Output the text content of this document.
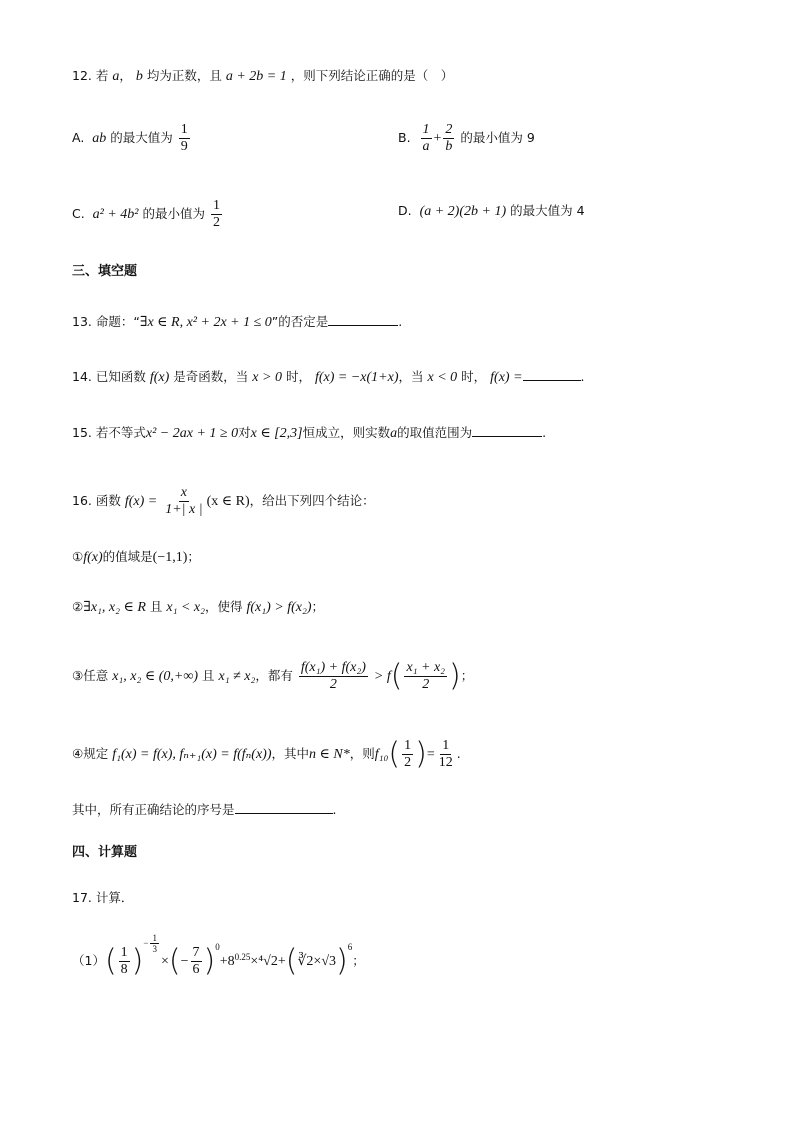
12. 若 a， b 均为正数，且 a + 2b = 1 ，则下列结论正确的是（　）
A. ab 的最大值为 $\frac{1}{9}$	B. $\frac{1}{a} + \frac{2}{b}$ 的最小值为 9
C. a² + 4b² 的最小值为 $\frac{1}{2}$	D. (a + 2)(2b + 1) 的最大值为 4
三、填空题
13. 命题：“∃x ∈ R, x² + 2x + 1 ≤ 0”的否定是	.
14. 已知函数 f(x) 是奇函数，当 x > 0 时， f(x) = −x(1+x)，当 x < 0 时， f(x) =	.
15. 若不等式x² − 2ax + 1 ≥ 0对x ∈ [2,3]恒成立，则实数a的取值范围为	.
16. 函数 $f(x) = \frac{x}{1+| x |} (x$ ∈ R)，给出下列四个结论：
①f(x)的值域是(−1,1)；
②∃x₁, x₂ ∈ R 且 x₁ < x₂，使得 f(x₁) > f(x₂)；
③任意 x₁, x₂ ∈ (0,+∞) 且 x₁ ≠ x₂，都有 $\frac{\text{f(x₁) + f(x₂)}}{2} > f( \frac{\text{x₁ + x₂}}{2}$ )；
④规定 f₁(x) = f(x), fₙ₊₁(x) = f(fₙ(x))，其中n ∈ N*，则$f_{10}( \frac{1}{2}$ )= $\frac{1}{12}$ .
其中，所有正确结论的序号是	.
四、计算题
17. 计算．
$(1)( \frac{1}{8} )^{- \frac{1}{3}}$
×(− $\frac{7}{6}$ )$^0+8^{0.25}\times^4√2+(∛2\times√3)^6$；
